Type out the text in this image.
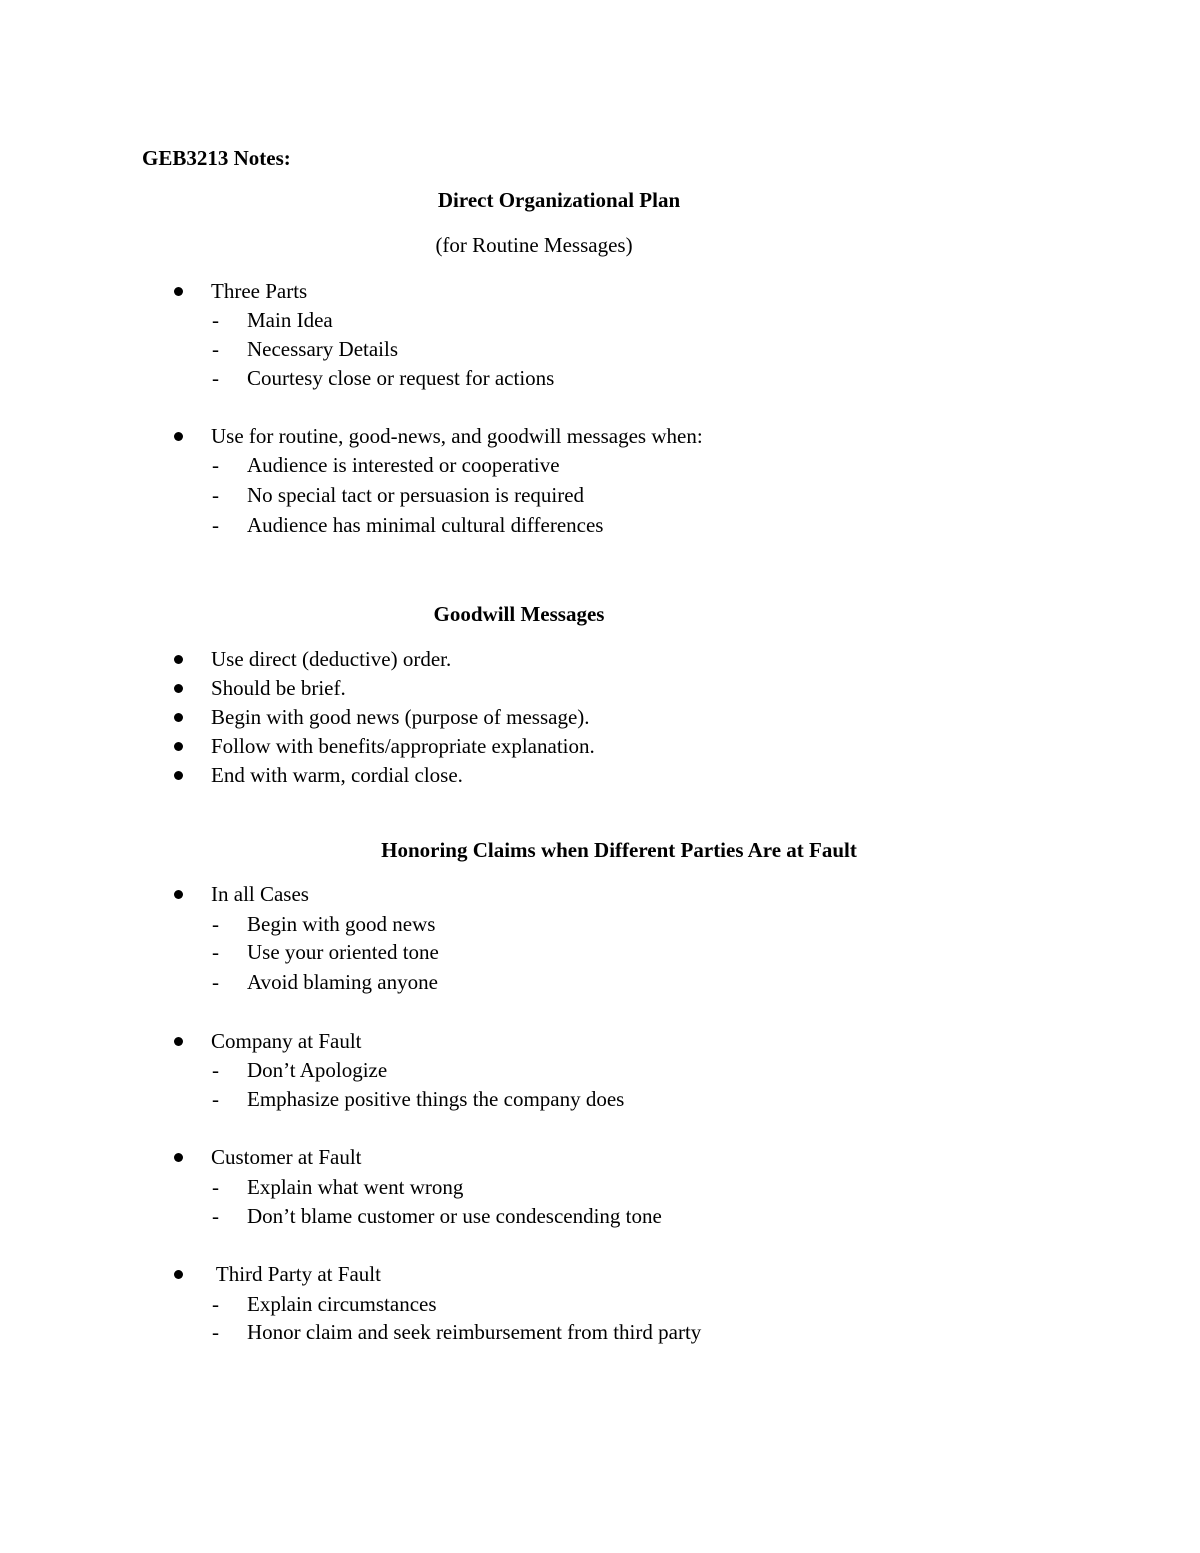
GEB3213 Notes:
Direct Organizational Plan
(for Routine Messages)
Three Parts
- Main Idea
- Necessary Details
- Courtesy close or request for actions
Use for routine, good-news, and goodwill messages when:
- Audience is interested or cooperative
- No special tact or persuasion is required
- Audience has minimal cultural differences
Goodwill Messages
Use direct (deductive) order.
Should be brief.
Begin with good news (purpose of message).
Follow with benefits/appropriate explanation.
End with warm, cordial close.
Honoring Claims when Different Parties Are at Fault
In all Cases
- Begin with good news
- Use your oriented tone
- Avoid blaming anyone
Company at Fault
- Don’t Apologize
- Emphasize positive things the company does
Customer at Fault
- Explain what went wrong
- Don’t blame customer or use condescending tone
Third Party at Fault
- Explain circumstances
- Honor claim and seek reimbursement from third party
